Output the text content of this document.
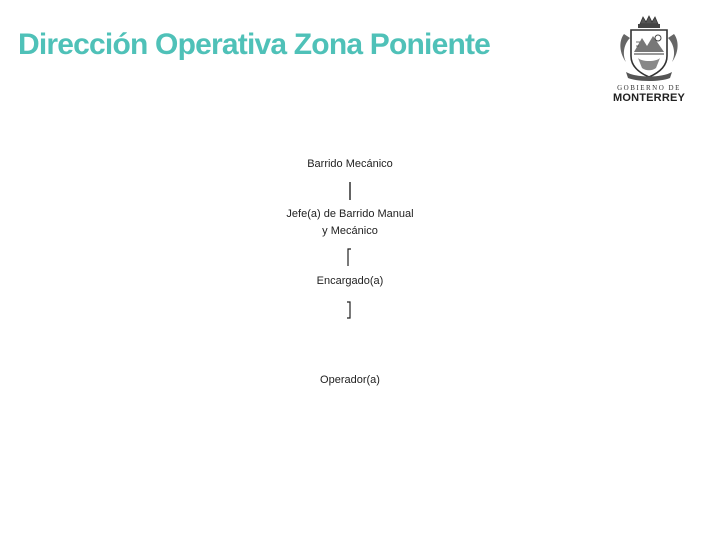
Dirección Operativa Zona Poniente
GOBIERNO DE
MONTERREY
Barrido Mecánico
Jefe(a) de Barrido Manual
y Mecánico
Encargado(a)
Operador(a)
